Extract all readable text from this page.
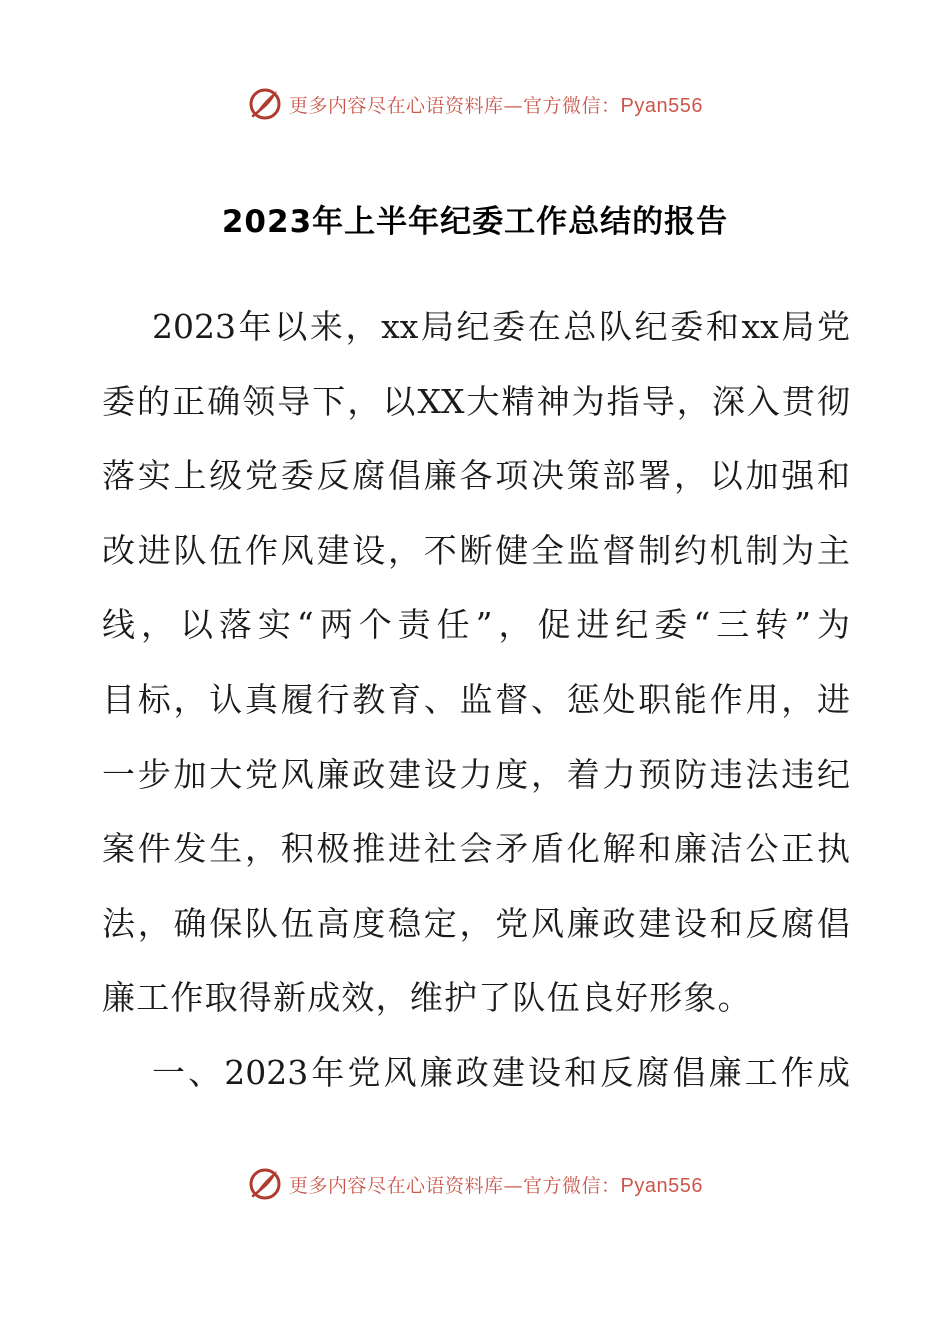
更多内容尽在心语资料库—官方微信：Pyan556
2023年上半年纪委工作总结的报告
2023年以来，xx局纪委在总队纪委和xx局党
委的正确领导下，以XX大精神为指导，深入贯彻
落实上级党委反腐倡廉各项决策部署，以加强和
改进队伍作风建设，不断健全监督制约机制为主
线，以落实“两个责任”，促进纪委“三转”为
目标，认真履行教育、监督、惩处职能作用，进
一步加大党风廉政建设力度，着力预防违法违纪
案件发生，积极推进社会矛盾化解和廉洁公正执
法，确保队伍高度稳定，党风廉政建设和反腐倡
廉工作取得新成效，维护了队伍良好形象。
一、2023年党风廉政建设和反腐倡廉工作成
更多内容尽在心语资料库—官方微信：Pyan556
